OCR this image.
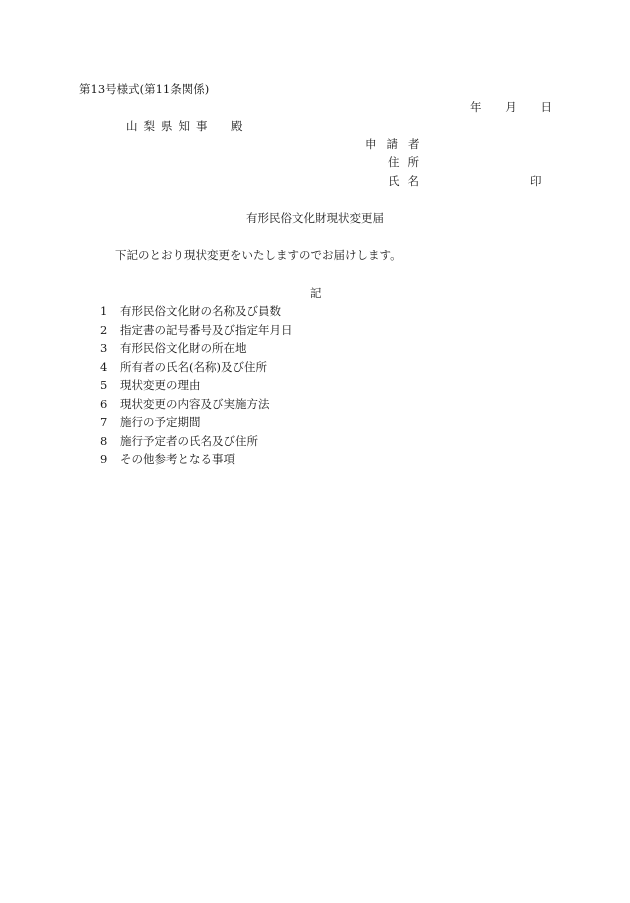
第13号様式(第11条関係)
年 月 日
山梨県知事　殿
申請者
住所
氏名	印
有形民俗文化財現状変更届
下記のとおり現状変更をいたしますのでお届けします。
記
1 有形民俗文化財の名称及び員数
2 指定書の記号番号及び指定年月日
3 有形民俗文化財の所在地
4 所有者の氏名(名称)及び住所
5 現状変更の理由
6 現状変更の内容及び実施方法
7 施行の予定期間
8 施行予定者の氏名及び住所
9 その他参考となる事項
